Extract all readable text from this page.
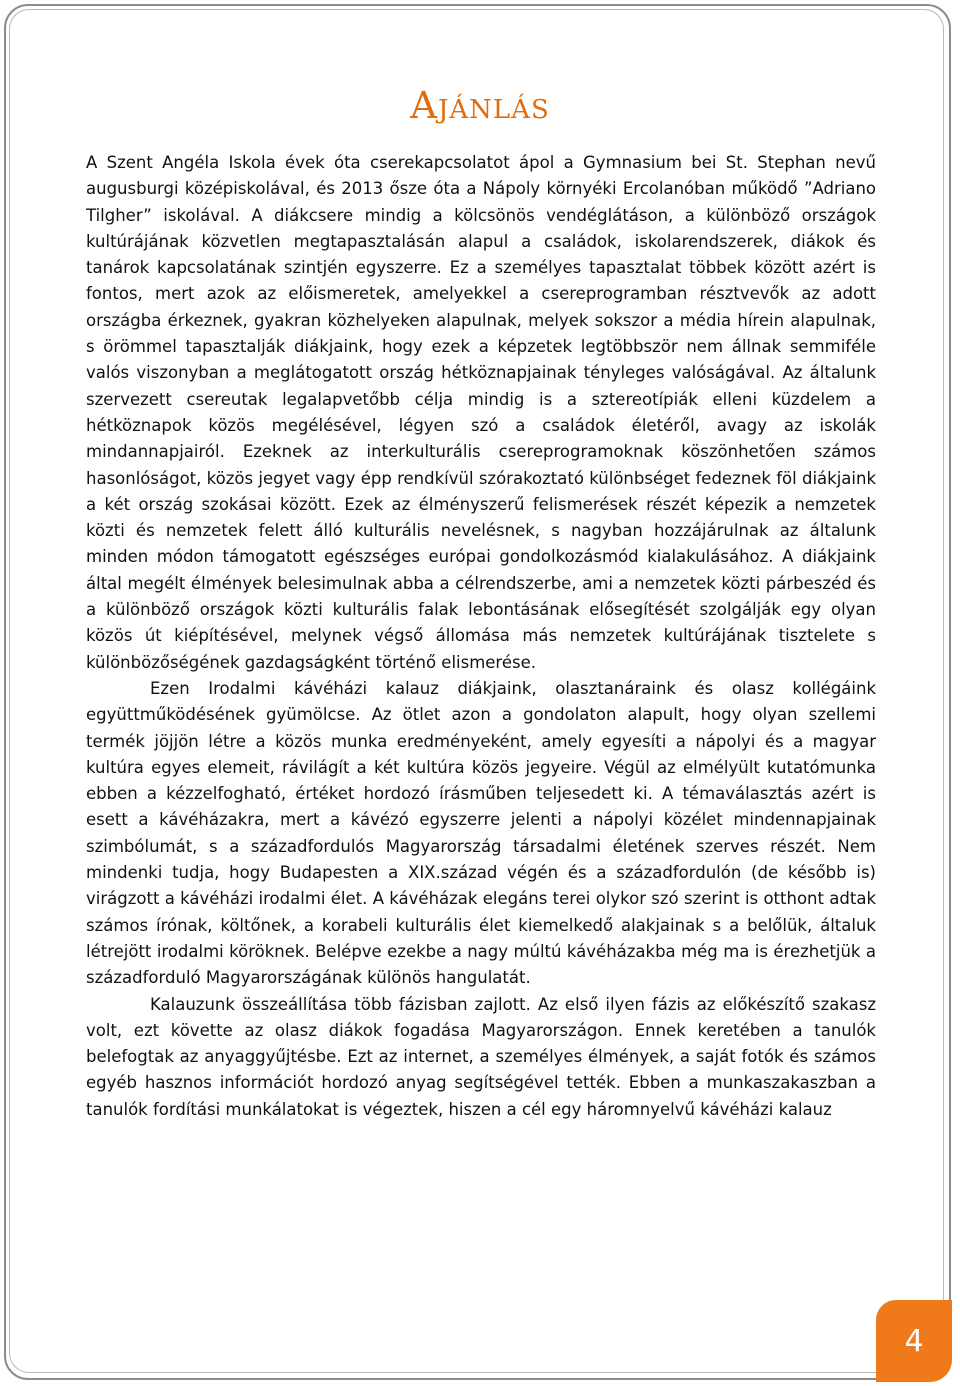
Ajánlás

A Szent Angéla Iskola évek óta cserekapcsolatot ápol a Gymnasium bei St. Stephan nevű augusburgi középiskolával, és 2013 ősze óta a Nápoly környéki Ercolanóban működő ”Adriano Tilgher” iskolával. A diákcsere mindig a kölcsönös vendéglátáson, a különböző országok kultúrájának közvetlen megtapasztalásán alapul a családok, iskolarendszerek, diákok és tanárok kapcsolatának szintjén egyszerre. Ez a személyes tapasztalat többek között azért is fontos, mert azok az előismeretek, amelyekkel a csereprogramban résztvevők az adott országba érkeznek, gyakran közhelyeken alapulnak, melyek sokszor a média hírein alapulnak, s örömmel tapasztalják diákjaink, hogy ezek a képzetek legtöbbször nem állnak semmiféle valós viszonyban a meglátogatott ország hétköznapjainak tényleges valóságával. Az általunk szervezett csereutak legalapvetőbb célja mindig is a sztereotípiák elleni küzdelem a hétköznapok közös megélésével, légyen szó a családok életéről, avagy az iskolák mindannapjairól. Ezeknek az interkulturális csereprogramoknak köszönhetően számos hasonlóságot, közös jegyet vagy épp rendkívül szórakoztató különbséget fedeznek föl diákjaink a két ország szokásai között. Ezek az élményszerű felismerések részét képezik a nemzetek közti és nemzetek felett álló kulturális nevelésnek, s nagyban hozzájárulnak az általunk minden módon támogatott egészséges európai gondolkozásmód kialakulásához. A diákjaink által megélt élmények belesimulnak abba a célrendszerbe, ami a nemzetek közti párbeszéd és a különböző országok közti kulturális falak lebontásának elősegítését szolgálják egy olyan közös út kiépítésével, melynek végső állomása más nemzetek kultúrájának tisztelete s különbözőségének gazdagságként történő elismerése.

Ezen Irodalmi kávéházi kalauz diákjaink, olasztanáraink és olasz kollégáink együttműködésének gyümölcse. Az ötlet azon a gondolaton alapult, hogy olyan szellemi termék jöjjön létre a közös munka eredményeként, amely egyesíti a nápolyi és a magyar kultúra egyes elemeit, rávilágít a két kultúra közös jegyeire. Végül az elmélyült kutatómunka ebben a kézzelfogható, értéket hordozó írásműben teljesedett ki. A témaválasztás azért is esett a kávéházakra, mert a kávézó egyszerre jelenti a nápolyi közélet mindennapjainak szimbólumát, s a századfordulós Magyarország társadalmi életének szerves részét. Nem mindenki tudja, hogy Budapesten a XIX.század végén és a századfordulón (de később is) virágzott a kávéházi irodalmi élet. A kávéházak elegáns terei olykor szó szerint is otthont adtak számos írónak, költőnek, a korabeli kulturális élet kiemelkedő alakjainak s a belőlük, általuk létrejött irodalmi köröknek. Belépve ezekbe a nagy múltú kávéházakba még ma is érezhetjük a századforduló Magyarországának különös hangulatát.

Kalauzunk összeállítása több fázisban zajlott. Az első ilyen fázis az előkészítő szakasz volt, ezt követte az olasz diákok fogadása Magyarországon. Ennek keretében a tanulók belefogtak az anyaggyűjtésbe. Ezt az internet, a személyes élmények, a saját fotók és számos egyéb hasznos információt hordozó anyag segítségével tették. Ebben a munkaszakaszban a tanulók fordítási munkálatokat is végeztek, hiszen a cél egy háromnyelvű kávéházi kalauz

4
